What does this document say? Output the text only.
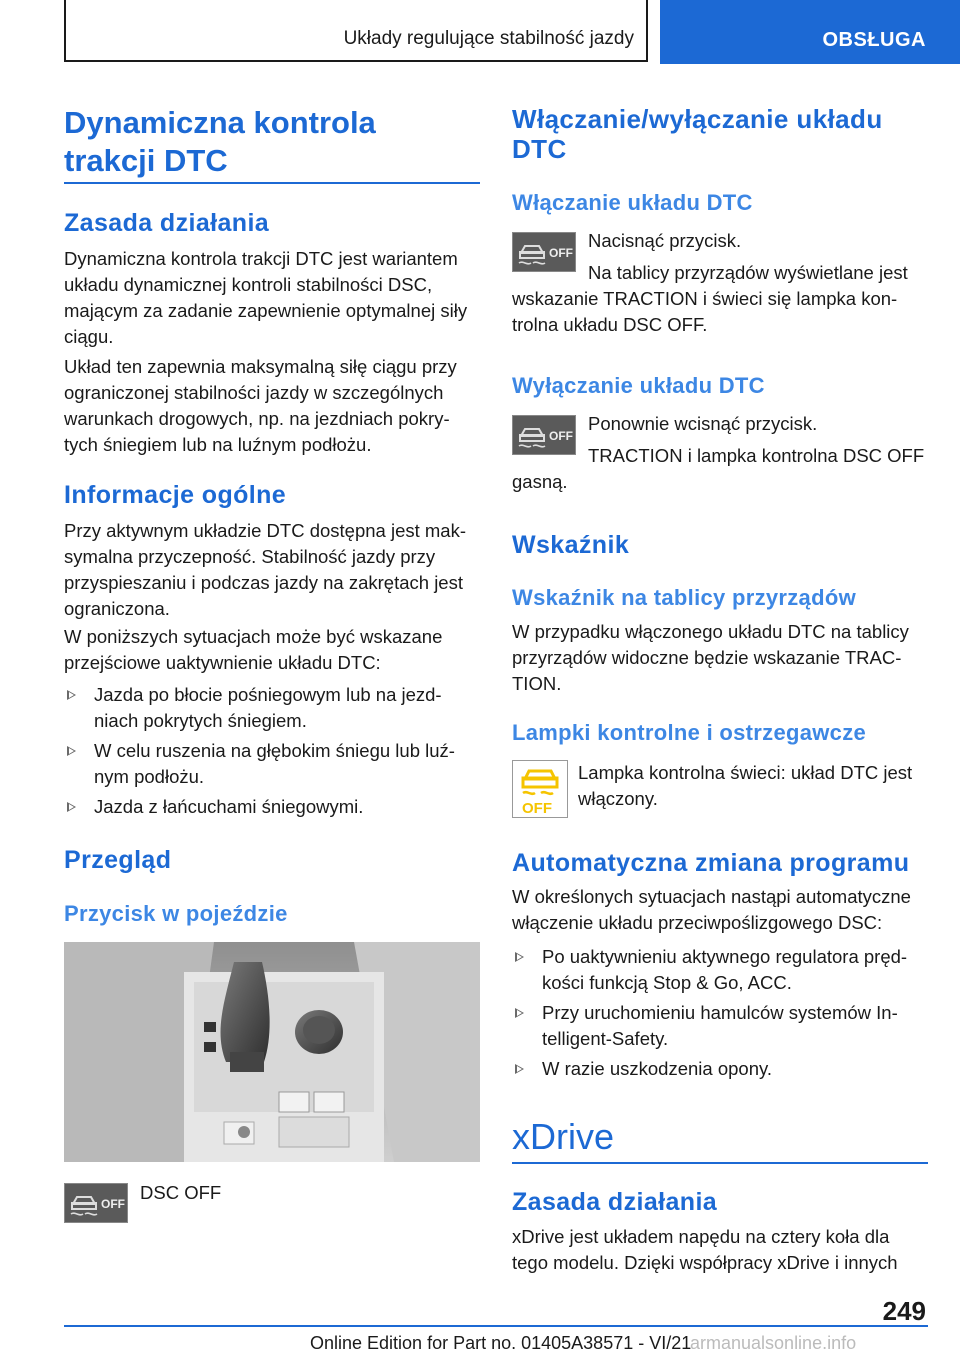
Układy regulujące stabilność jazdy	OBSŁUGA
Dynamiczna kontrola
trakcji DTC
Zasada działania
Dynamiczna kontrola trakcji DTC jest wariantem układu dynamicznej kontroli stabilności DSC, mającym za zadanie zapewnienie optymalnej siły ciągu.
Układ ten zapewnia maksymalną siłę ciągu przy ograniczonej stabilności jazdy w szczególnych warunkach drogowych, np. na jezdniach pokry-tych śniegiem lub na luźnym podłożu.
Informacje ogólne
Przy aktywnym układzie DTC dostępna jest mak-symalna przyczepność. Stabilność jazdy przy przyspieszaniu i podczas jazdy na zakrętach jest ograniczona.
W poniższych sytuacjach może być wskazane przejściowe uaktywnienie układu DTC:
Jazda po błocie pośniegowym lub na jezd-niach pokrytych śniegiem.
W celu ruszenia na głębokim śniegu lub luź-nym podłożu.
Jazda z łańcuchami śniegowymi.
Przegląd
Przycisk w pojeździe
OFF
DSC OFF
Włączanie/wyłączanie układu
DTC
Włączanie układu DTC
OFF
Nacisnąć przycisk.
Na tablicy przyrządów wyświetlane jest wskazanie TRACTION i świeci się lampka kon-trolna układu DSC OFF.
Wyłączanie układu DTC
OFF
Ponownie wcisnąć przycisk.
TRACTION i lampka kontrolna DSC OFF gasną.
Wskaźnik
Wskaźnik na tablicy przyrządów
W przypadku włączonego układu DTC na tablicy przyrządów widoczne będzie wskazanie TRAC-TION.
Lampki kontrolne i ostrzegawcze
OFF
Lampka kontrolna świeci: układ DTC jest włączony.
Automatyczna zmiana programu
W określonych sytuacjach nastąpi automatyczne włączenie układu przeciwpoślizgowego DSC:
Po uaktywnieniu aktywnego regulatora pręd-kości funkcją Stop & Go, ACC.
Przy uruchomieniu hamulców systemów In-telligent-Safety.
W razie uszkodzenia opony.
xDrive
Zasada działania
xDrive jest układem napędu na cztery koła dla tego modelu. Dzięki współpracy xDrive i innych
249
Online Edition for Part no. 01405A38571 - VI/21
armanualsonline.info
